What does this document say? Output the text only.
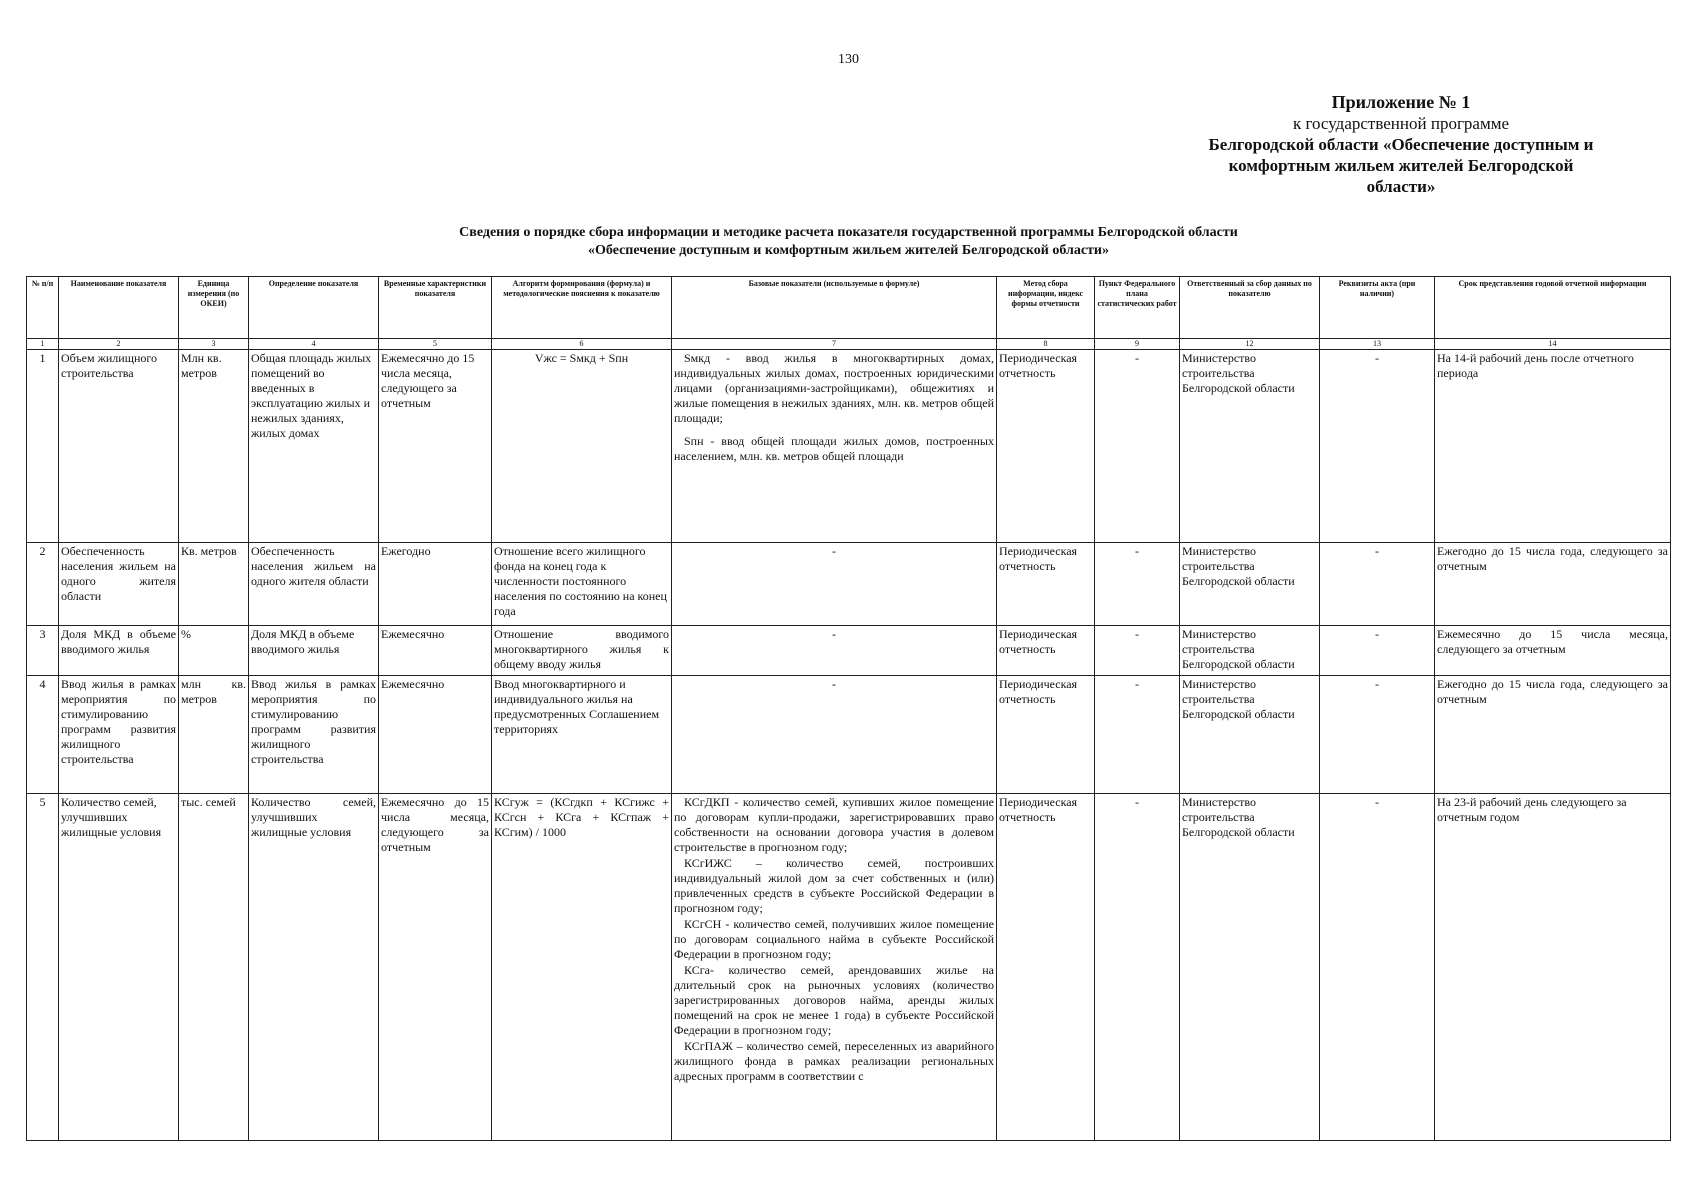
130
Приложение № 1
к государственной программе
Белгородской области «Обеспечение доступным и
комфортным жильем жителей Белгородской
области»
Сведения о порядке сбора информации и методике расчета показателя государственной программы Белгородской области
«Обеспечение доступным и комфортным жильем жителей Белгородской области»
№ п/п	Наименование показателя	Единица измерения (по ОКЕИ)	Определение показателя	Временные характеристики показателя	Алгоритм формирования (формула) и методологические пояснения к показателю	Базовые показатели (используемые в формуле)	Метод сбора информации, индекс формы отчетности	Пункт Федерального плана статистических работ	Ответственный за сбор данных по показателю	Реквизиты акта (при наличии)	Срок представления годовой отчетной информации
1	2	3	4	5	6	7	8	9	12	13	14
1	Объем жилищного строительства	Млн кв. метров	Общая площадь жилых помещений во введенных в эксплуатацию жилых и нежилых зданиях, жилых домах	Ежемесячно до 15 числа месяца, следующего за отчетным	Vжс = Sмкд + Sпн	Sмкд - ввод жилья в многоквартирных домах, индивидуальных жилых домах, построенных юридическими лицами (организациями-застройщиками), общежитиях и жилые помещения в нежилых зданиях, млн. кв. метров общей площади;

Sпн - ввод общей площади жилых домов, построенных населением, млн. кв. метров общей площади	Периодическая отчетность	-	Министерство строительства Белгородской области	-	На 14-й рабочий день после отчетного периода
2	Обеспеченность населения жильем на одного жителя области	Кв. метров	Обеспеченность населения жильем на одного жителя области	Ежегодно	Отношение всего жилищного фонда на конец года к численности постоянного населения по состоянию на конец года	-	Периодическая отчетность	-	Министерство строительства Белгородской области	-	Ежегодно до 15 числа года, следующего за отчетным
3	Доля МКД в объеме вводимого жилья	%	Доля МКД в объеме вводимого жилья	Ежемесячно	Отношение вводимого многоквартирного жилья к общему вводу жилья	-	Периодическая отчетность	-	Министерство строительства Белгородской области	-	Ежемесячно до 15 числа месяца, следующего за отчетным
4	Ввод жилья в рамках мероприятия по стимулированию программ развития жилищного строительства	млн кв. метров	Ввод жилья в рамках мероприятия по стимулированию программ развития жилищного строительства	Ежемесячно	Ввод многоквартирного и индивидуального жилья на предусмотренных Соглашением территориях	-	Периодическая отчетность	-	Министерство строительства Белгородской области	-	Ежегодно до 15 числа года, следующего за отчетным
5	Количество семей, улучшивших жилищные условия	тыс. семей	Количество семей, улучшивших жилищные условия	Ежемесячно до 15 числа месяца, следующего за отчетным	КСгуж = (КСгдкп + КСгижс + КСгсн + КСга + КСгпаж + КСгим) / 1000	КСгДКП - количество семей, купивших жилое помещение по договорам купли-продажи, зарегистрировавших право собственности на основании договора участия в долевом строительстве в прогнозном году;

КСгИЖС – количество семей, построивших индивидуальный жилой дом за счет собственных и (или) привлеченных средств в субъекте Российской Федерации в прогнозном году;

КСгСН - количество семей, получивших жилое помещение по договорам социального найма в субъекте Российской Федерации в прогнозном году;

КСга- количество семей, арендовавших жилье на длительный срок на рыночных условиях (количество зарегистрированных договоров найма, аренды жилых помещений на срок не менее 1 года) в субъекте Российской Федерации в прогнозном году;

КСгПАЖ – количество семей, переселенных из аварийного жилищного фонда в рамках реализации региональных адресных программ в соответствии с	Периодическая отчетность	-	Министерство строительства Белгородской области	-	На 23-й рабочий день следующего за отчетным годом
